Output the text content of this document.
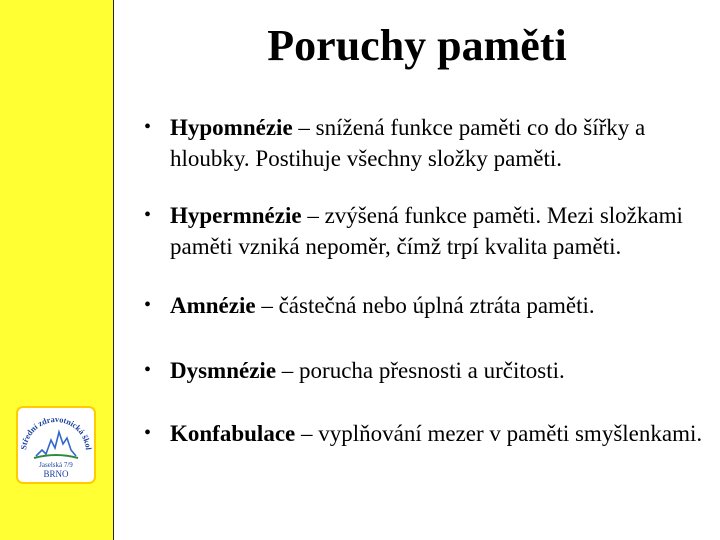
Střední zdravotnická škol
Jaselská 7/9
BRNO
Poruchy paměti
• Hypomnézie – snížená funkce paměti co do šířky a hloubky. Postihuje všechny složky paměti.
• Hypermnézie – zvýšená funkce paměti. Mezi složkami paměti vzniká nepoměr, čímž trpí kvalita paměti.
• Amnézie – částečná nebo úplná ztráta paměti.
• Dysmnézie – porucha přesnosti a určitosti.
• Konfabulace – vyplňování mezer v paměti smyšlenkami.
